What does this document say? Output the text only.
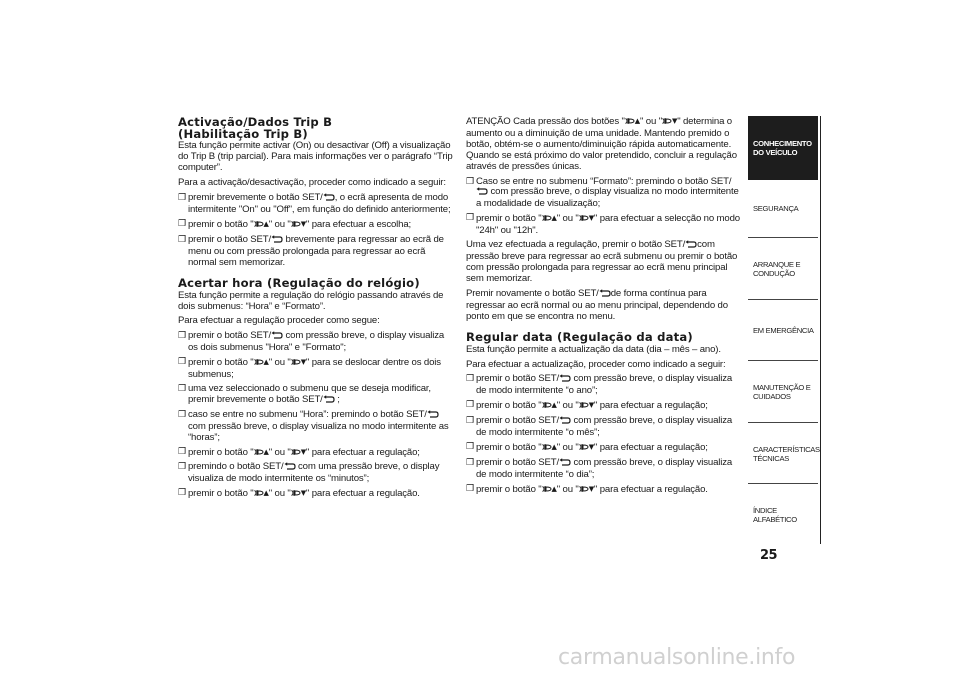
Activação/Dados Trip B
(Habilitação Trip B)

Esta função permite activar (On) ou desactivar (Off) a visualização do Trip B (trip parcial). Para mais informações ver o parágrafo “Trip computer”.

Para a activação/desactivação, proceder como indicado a seguir:

❒ premir brevemente o botão SET/ , o ecrã apresenta de modo intermitente "On" ou "Off", em função do definido anteriormente;
❒ premir o botão " ▲" ou " ▼" para efectuar a escolha;
❒ premir o botão SET/ brevemente para regressar ao ecrã de menu ou com pressão prolongada para regressar ao ecrã normal sem memorizar.
Acertar hora (Regulação do relógio)

Esta função permite a regulação do relógio passando através de dois submenus: “Hora” e “Formato”.

Para efectuar a regulação proceder como segue:

❒ premir o botão SET/ com pressão breve, o display visualiza os dois submenus "Hora" e "Formato";
❒ premir o botão " ▲" ou " ▼" para se deslocar dentre os dois submenus;
❒ uma vez seleccionado o submenu que se deseja modificar, premir brevemente o botão SET/ ;
❒ caso se entre no submenu “Hora”: premindo o botão SET/ com pressão breve, o display visualiza no modo intermitente as “horas”;
❒ premir o botão " ▲" ou " ▼" para efectuar a regulação;
❒ premindo o botão SET/ com uma pressão breve, o display visualiza de modo intermitente os “minutos”;
❒ premir o botão " ▲" ou " ▼" para efectuar a regulação.

ATENÇÃO Cada pressão dos botões " ▲" ou " ▼" determina o aumento ou a diminuição de uma unidade. Mantendo premido o botão, obtém-se o aumento/diminuição rápida automaticamente. Quando se está próximo do valor pretendido, concluir a regulação através de pressões únicas.

❒ Caso se entre no submenu “Formato”: premindo o botão SET/ com pressão breve, o display visualiza no modo intermitente a modalidade de visualização;
❒ premir o botão " ▲" ou " ▼" para efectuar a selecção no modo "24h" ou "12h".

Uma vez efectuada a regulação, premir o botão SET/ com pressão breve para regressar ao ecrã submenu ou premir o botão com pressão prolongada para regressar ao ecrã menu principal sem memorizar.

Premir novamente o botão SET/ de forma contínua para regressar ao ecrã normal ou ao menu principal, dependendo do ponto em que se encontra no menu.

Regular data (Regulação da data)

Esta função permite a actualização da data (dia – mês – ano).

Para efectuar a actualização, proceder como indicado a seguir:

❒ premir o botão SET/ com pressão breve, o display visualiza de modo intermitente “o ano”;
❒ premir o botão " ▲" ou " ▼" para efectuar a regulação;
❒ premir o botão SET/ com pressão breve, o display visualiza de modo intermitente “o mês”;
❒ premir o botão " ▲" ou " ▼" para efectuar a regulação;
❒ premir o botão SET/ com pressão breve, o display visualiza de modo intermitente “o dia”;
❒ premir o botão " ▲" ou " ▼" para efectuar a regulação.
CONHECIMENTO
DO VEÍCULO
SEGURANÇA
ARRANQUE E
CONDUÇÃO
EM EMERGÊNCIA
MANUTENÇÃO E
CUIDADOS
CARACTERÍSTICAS
TÉCNICAS
ÍNDICE ALFABÉTICO
25
carmanualsonline.info
